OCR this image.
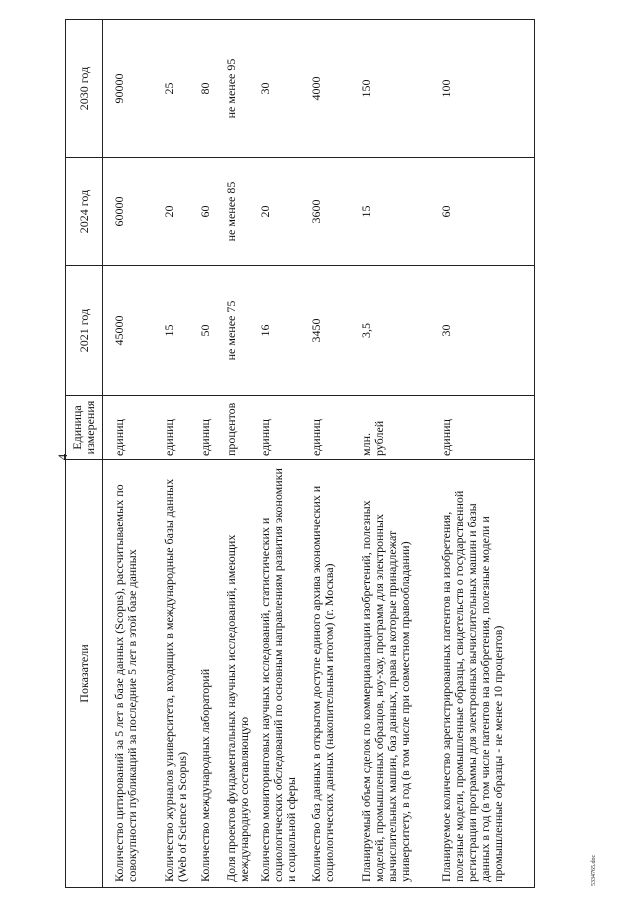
4
Показатели	Единица измерения	2021 год	2024 год	2030 год
Количество цитирований за 5 лет в базе данных (Scopus), рассчитываемых по совокупности публикаций за последние 5 лет в этой базе данных	единиц	45000	60000	90000
Количество журналов университета, входящих в международные базы данных (Web of Science и Scopus)	единиц	15	20	25
Количество международных лабораторий	единиц	50	60	80
Доля проектов фундаментальных научных исследований, имеющих международную составляющую	процентов	не менее 75	не менее 85	не менее 95
Количество мониторинговых научных исследований, статистических и социологических обследований по основным направлениям развития экономики и социальной сферы	единиц	16	20	30
Количество баз данных в открытом доступе единого архива экономических и социологических данных (накопительным итогом) (г. Москва)	единиц	3450	3600	4000
Планируемый объем сделок по коммерциализации изобретений, полезных моделей, промышленных образцов, ноу-хау, программ для электронных вычислительных машин, баз данных, права на которые принадлежат университету, в год (в том числе при совместном правообладании)	млн. рублей	3,5	15	150
Планируемое количество зарегистрированных патентов на изобретения, полезные модели, промышленные образцы, свидетельств о государственной регистрации программы для электронных вычислительных машин и базы данных в год (в том числе патентов на изобретения, полезные модели и промышленные образцы - не менее 10 процентов)	единиц	30	60	100
5334765.doc
